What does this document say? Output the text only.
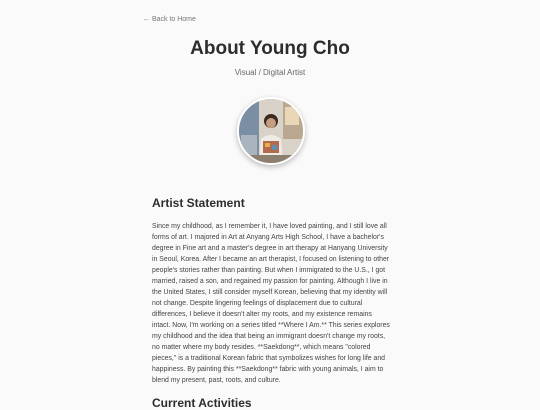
← Back to Home
About Young Cho
Visual / Digital Artist
Artist Statement

Since my childhood, as I remember it, I have loved painting, and I still love all forms of art. I majored in Art at Anyang Arts High School, I have a bachelor's degree in Fine art and a master's degree in art therapy at Hanyang University in Seoul, Korea. After I became an art therapist, I focused on listening to other people's stories rather than painting. But when I immigrated to the U.S., I got married, raised a son, and regained my passion for painting. Although I live in the United States, I still consider myself Korean, believing that my identity will not change. Despite lingering feelings of displacement due to cultural differences, I believe it doesn't alter my roots, and my existence remains intact. Now, I'm working on a series titled **Where I Am.** This series explores my childhood and the idea that being an immigrant doesn't change my roots, no matter where my body resides. **Saekdong**, which means "colored pieces," is a traditional Korean fabric that symbolizes wishes for long life and happiness. By painting this **Saekdong** fabric with young animals, I aim to blend my present, past, roots, and culture.

Current Activities
